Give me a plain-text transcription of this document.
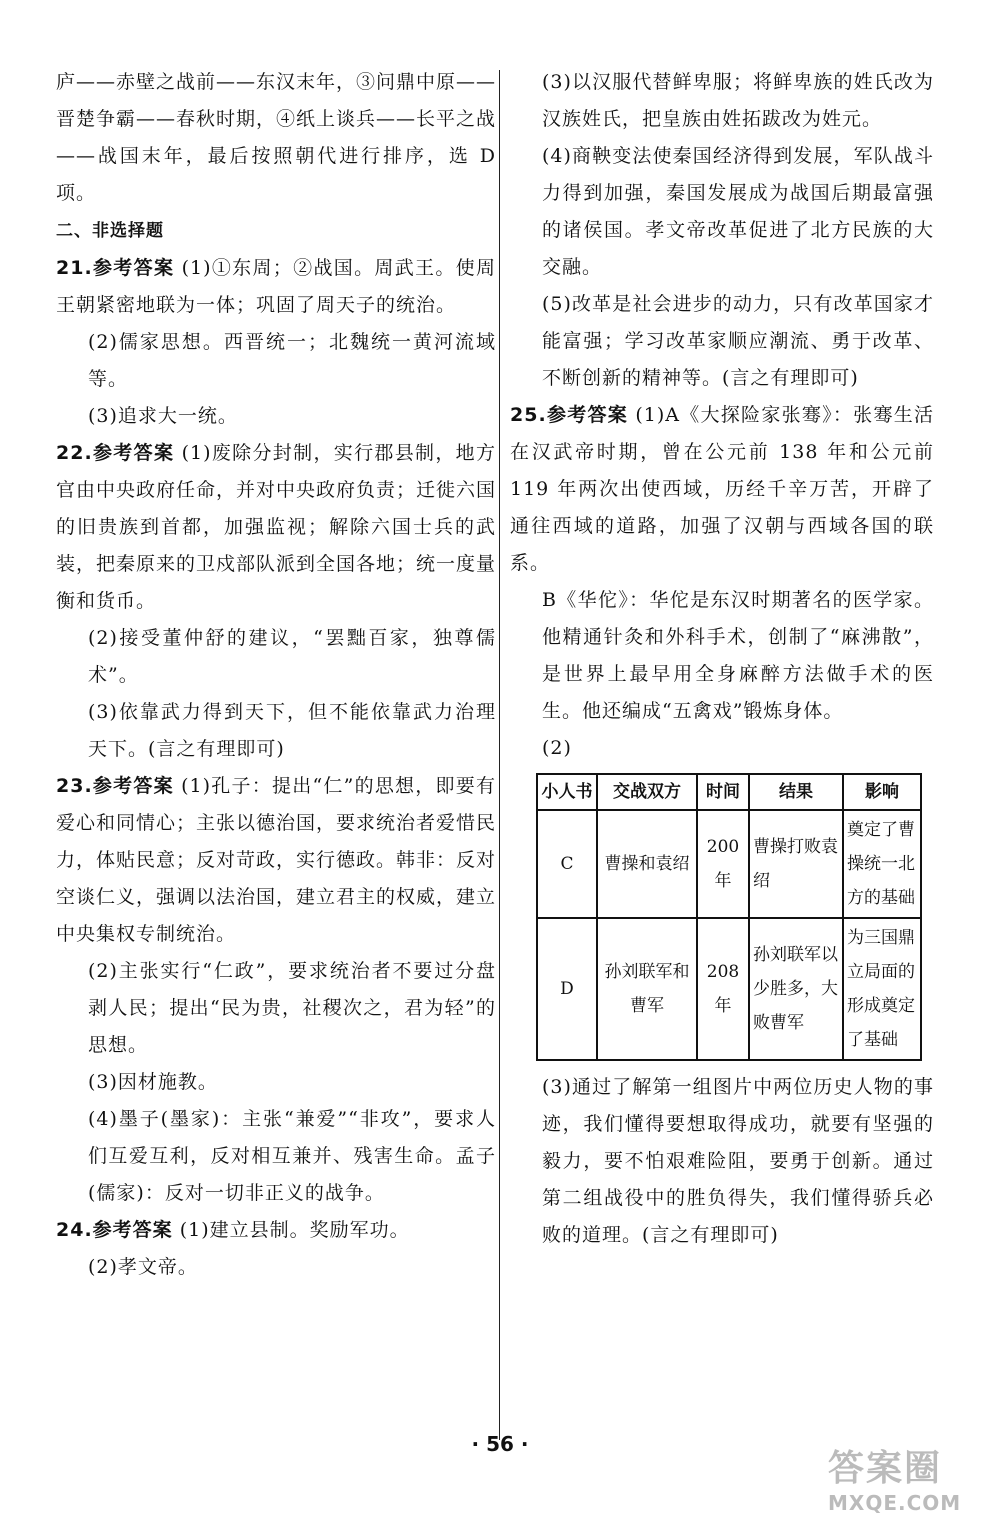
庐——赤壁之战前——东汉末年，③问鼎中原——晋楚争霸——春秋时期，④纸上谈兵——长平之战——战国末年，最后按照朝代进行排序，选 D 项。

二、非选择题

21.参考答案 (1)①东周；②战国。周武王。使周王朝紧密地联为一体；巩固了周天子的统治。

(2)儒家思想。西晋统一；北魏统一黄河流域等。

(3)追求大一统。

22.参考答案 (1)废除分封制，实行郡县制，地方官由中央政府任命，并对中央政府负责；迁徙六国的旧贵族到首都，加强监视；解除六国士兵的武装，把秦原来的卫戍部队派到全国各地；统一度量衡和货币。

(2)接受董仲舒的建议，“罢黜百家，独尊儒术”。

(3)依靠武力得到天下，但不能依靠武力治理天下。(言之有理即可)

23.参考答案 (1)孔子：提出“仁”的思想，即要有爱心和同情心；主张以德治国，要求统治者爱惜民力，体贴民意；反对苛政，实行德政。韩非：反对空谈仁义，强调以法治国，建立君主的权威，建立中央集权专制统治。

(2)主张实行“仁政”，要求统治者不要过分盘剥人民；提出“民为贵，社稷次之，君为轻”的思想。

(3)因材施教。

(4)墨子(墨家)：主张“兼爱”“非攻”，要求人们互爱互利，反对相互兼并、残害生命。孟子(儒家)：反对一切非正义的战争。

24.参考答案 (1)建立县制。奖励军功。

(2)孝文帝。

(3)以汉服代替鲜卑服；将鲜卑族的姓氏改为汉族姓氏，把皇族由姓拓跋改为姓元。

(4)商鞅变法使秦国经济得到发展，军队战斗力得到加强，秦国发展成为战国后期最富强的诸侯国。孝文帝改革促进了北方民族的大交融。

(5)改革是社会进步的动力，只有改革国家才能富强；学习改革家顺应潮流、勇于改革、不断创新的精神等。(言之有理即可)

25.参考答案 (1)A《大探险家张骞》：张骞生活在汉武帝时期，曾在公元前 138 年和公元前 119 年两次出使西域，历经千辛万苦，开辟了通往西域的道路，加强了汉朝与西域各国的联系。

B《华佗》：华佗是东汉时期著名的医学家。他精通针灸和外科手术，创制了“麻沸散”，是世界上最早用全身麻醉方法做手术的医生。他还编成“五禽戏”锻炼身体。

(2)

小人书	交战双方	时间	结果	影响
C	曹操和袁绍	200 年	曹操打败袁绍	奠定了曹操统一北方的基础
D	孙刘联军和曹军	208 年	孙刘联军以少胜多，大败曹军	为三国鼎立局面的形成奠定了基础

(3)通过了解第一组图片中两位历史人物的事迹，我们懂得要想取得成功，就要有坚强的毅力，要不怕艰难险阻，要勇于创新。通过第二组战役中的胜负得失，我们懂得骄兵必败的道理。(言之有理即可)

· 56 ·
答案圈
MXQE.COM
